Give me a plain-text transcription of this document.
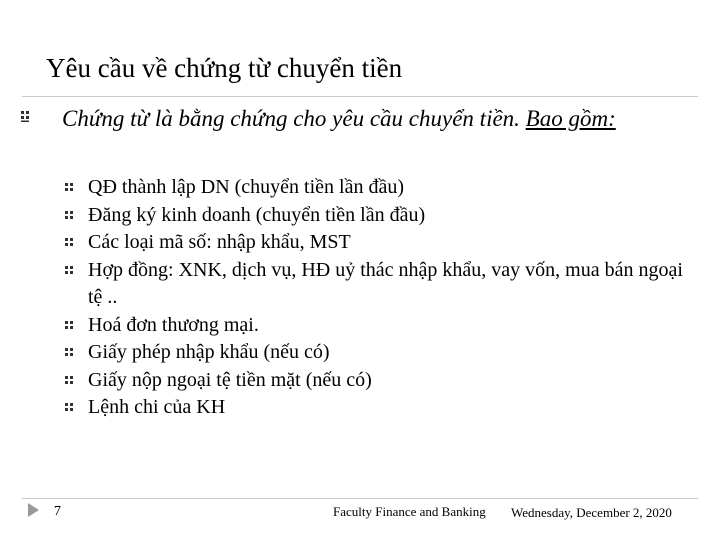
Yêu cầu về chứng từ chuyển tiền
Chứng từ là bằng chứng cho yêu cầu chuyển tiền. Bao gồm:
QĐ thành lập DN (chuyển tiền lần đầu)
Đăng ký kinh doanh (chuyển tiền lần đầu)
Các loại mã số: nhập khẩu, MST
Hợp đồng: XNK, dịch vụ, HĐ uỷ thác nhập khẩu, vay vốn, mua bán ngoại tệ ..
Hoá đơn thương mại.
Giấy phép nhập khẩu (nếu có)
Giấy nộp ngoại tệ tiền mặt (nếu có)
Lệnh chi của KH
7	Faculty Finance and Banking Wednesday, December 2, 2020
